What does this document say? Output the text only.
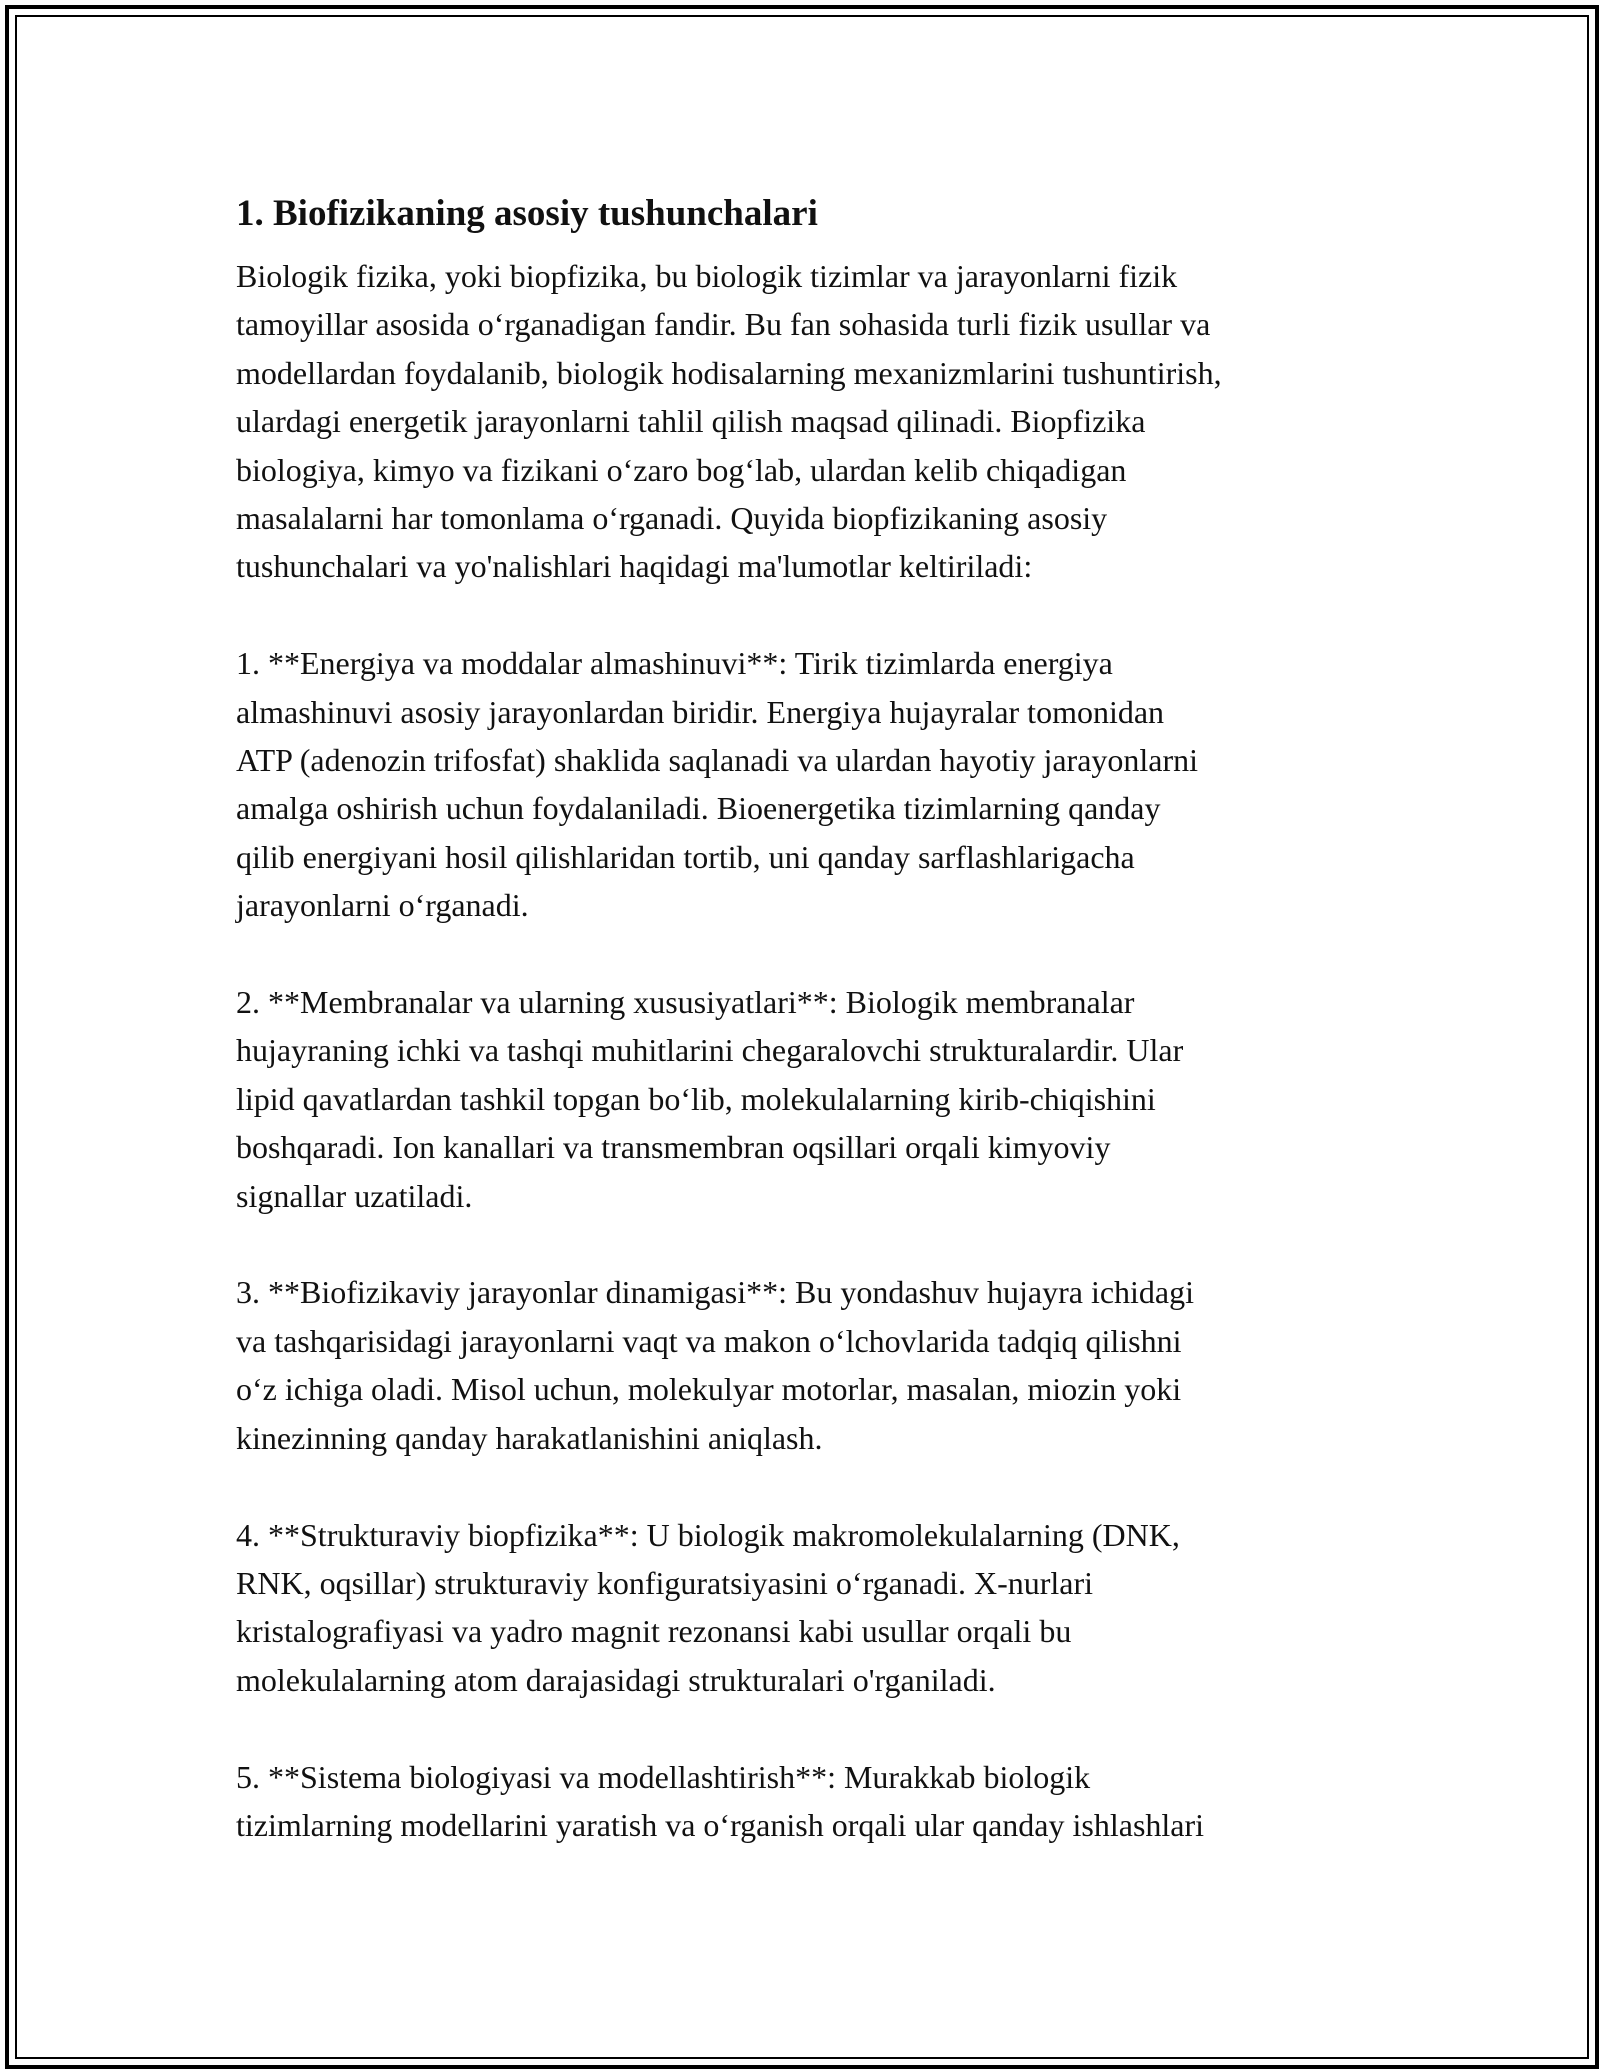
1. Biofizikaning asosiy tushunchalari

Biologik fizika, yoki biopfizika, bu biologik tizimlar va jarayonlarni fizik
tamoyillar asosida o‘rganadigan fandir. Bu fan sohasida turli fizik usullar va
modellardan foydalanib, biologik hodisalarning mexanizmlarini tushuntirish,
ulardagi energetik jarayonlarni tahlil qilish maqsad qilinadi. Biopfizika
biologiya, kimyo va fizikani o‘zaro bog‘lab, ulardan kelib chiqadigan
masalalarni har tomonlama o‘rganadi. Quyida biopfizikaning asosiy
tushunchalari va yo'nalishlari haqidagi ma'lumotlar keltiriladi:

1. **Energiya va moddalar almashinuvi**: Tirik tizimlarda energiya
almashinuvi asosiy jarayonlardan biridir. Energiya hujayralar tomonidan
ATP (adenozin trifosfat) shaklida saqlanadi va ulardan hayotiy jarayonlarni
amalga oshirish uchun foydalaniladi. Bioenergetika tizimlarning qanday
qilib energiyani hosil qilishlaridan tortib, uni qanday sarflashlarigacha
jarayonlarni o‘rganadi.

2. **Membranalar va ularning xususiyatlari**: Biologik membranalar
hujayraning ichki va tashqi muhitlarini chegaralovchi strukturalardir. Ular
lipid qavatlardan tashkil topgan bo‘lib, molekulalarning kirib-chiqishini
boshqaradi. Ion kanallari va transmembran oqsillari orqali kimyoviy
signallar uzatiladi.

3. **Biofizikaviy jarayonlar dinamigasi**: Bu yondashuv hujayra ichidagi
va tashqarisidagi jarayonlarni vaqt va makon o‘lchovlarida tadqiq qilishni
o‘z ichiga oladi. Misol uchun, molekulyar motorlar, masalan, miozin yoki
kinezinning qanday harakatlanishini aniqlash.

4. **Strukturaviy biopfizika**: U biologik makromolekulalarning (DNK,
RNK, oqsillar) strukturaviy konfiguratsiyasini o‘rganadi. X-nurlari
kristalografiyasi va yadro magnit rezonansi kabi usullar orqali bu
molekulalarning atom darajasidagi strukturalari o'rganiladi.

5. **Sistema biologiyasi va modellashtirish**: Murakkab biologik
tizimlarning modellarini yaratish va o‘rganish orqali ular qanday ishlashlari
